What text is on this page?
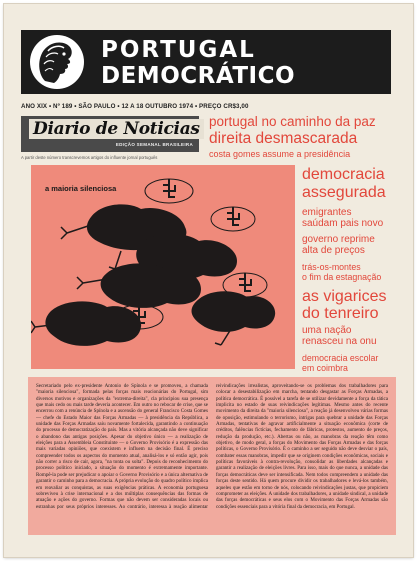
PORTUGAL
DEMOCRÁTICO
ANO XIX • Nº 189 • SÃO PAULO • 12 A 18 OUTUBRO 1974 • PREÇO CR$3,00
Diario de Noticias
EDIÇÃO SEMANAL BRASILEIRA
A partir deste número transcrevemos artigos do influente jornal português
portugal no caminho da paz
direita desmascarada
costa gomes assume a presidência
democracia
assegurada
emigrantes
saúdam pais novo
governo reprime
alta de preços
trás-os-montes
o fim da estagnação
as vigarices
do tenreiro
uma nação
renasceu na onu
democracia escolar
em coimbra
a maioria silenciosa
Secretariado pelo ex-presidente Antonio de Spínola e se promoveu, a chamada "maioria silenciosa", formada pelas forças mais reacionárias do Portugal, sim diversos motivos e organizações da "extrema-direita", cla principiou sua presença que mais cedo ou mais tarde deveria acontecer. Em outro no rebocar de crise, que se encerrou com a renúncia de Spínola e a ascensão do general Francisco Costa Gomes — chefe do Estado Maior das Forças Armadas — à presidência da República, a unidade das Forças Armadas saiu novamente fortalecida, garantindo a continuação do processo de democratização do país. Mas a vitória alcançada não deve significar o abandono das antigas posições. Apesar do objetivo único — a realização de eleições para a Assembleia Constituinte — o Governo Provisório é a expressão das mais variadas opiniões, que coexistem e influem na decisão final. É preciso compreender todos os aspectos do momento atual, analisá-los e só então agir, pois não correr a risco de cair, agora, "na tonta ou solta". Depois do reconhecimento do processo político iniciado, a situação do momento é extremamente importante. Rompê-la pode ser prejudicar o apoiar o Governo Provisório e a única alternativa de garantir o caminho para a democracia. A própria evolução do quadro político implica em reavaliar as conquistas, as suas exigências práticas. A economia portuguesa sobreviveu à crise internacional e a dos múltiplas consequências das formas de atuação e ações do governo. Formas que não devem ser consideradas locais ou estranhas por seus próprios interesses. Ao contrário, interessa à reação alimentar reivindicações irrealistas, aproveitando-se os problemas dos trabalhadores para colocar a desestabilização em marcha, tentando desgastar as Forças Armadas, a política democrática. É possível a tarefa de se utilizar devidamente a força da tática implicita no estado de suas reivindicações legítimas. Mesmo antes do recente movimento da direita da "maioria silenciosa", a reação já desenvolveu várias formas de oposição, estimulando o terrorismo, intrigas para quebrar a unidade das Forças Armadas, tentativas de agravar artificialmente a situação econômica (corte de créditos, falências fictícias, fechamento de fábricas, protestos, aumento de preços, redução da produção, etc.). Abertas ou não, as manobras da reação têm como objetivo, de modo geral, a forças do Movimento das Forças Armadas e das forças políticas, o Governo Provisório. É o caminho a ser seguido não deve desviar o país, combater essas manobras, impedir que se originem condições econômicas, sociais e políticas favoráveis à contra-revolução, consolidar as liberdades alcançadas e garantir a realização de eleições livres. Para isso, mais do que nunca, a unidade das forças democráticas deve ser intensificada. Nem todos compreendem a unidade das forças deste sentido. Há quem procure dividir os trabalhadores e levá-los também, aqueles que estão em torno de nós, colocando reivindicações justas, que propiciem comprometer as eleições. A unidade dos trabalhadores, a unidade sindical, a unidade das forças democráticas e seus elos com o Movimento das Forças Armadas são condições essenciais para a vitória final da democracia, em Portugal.
